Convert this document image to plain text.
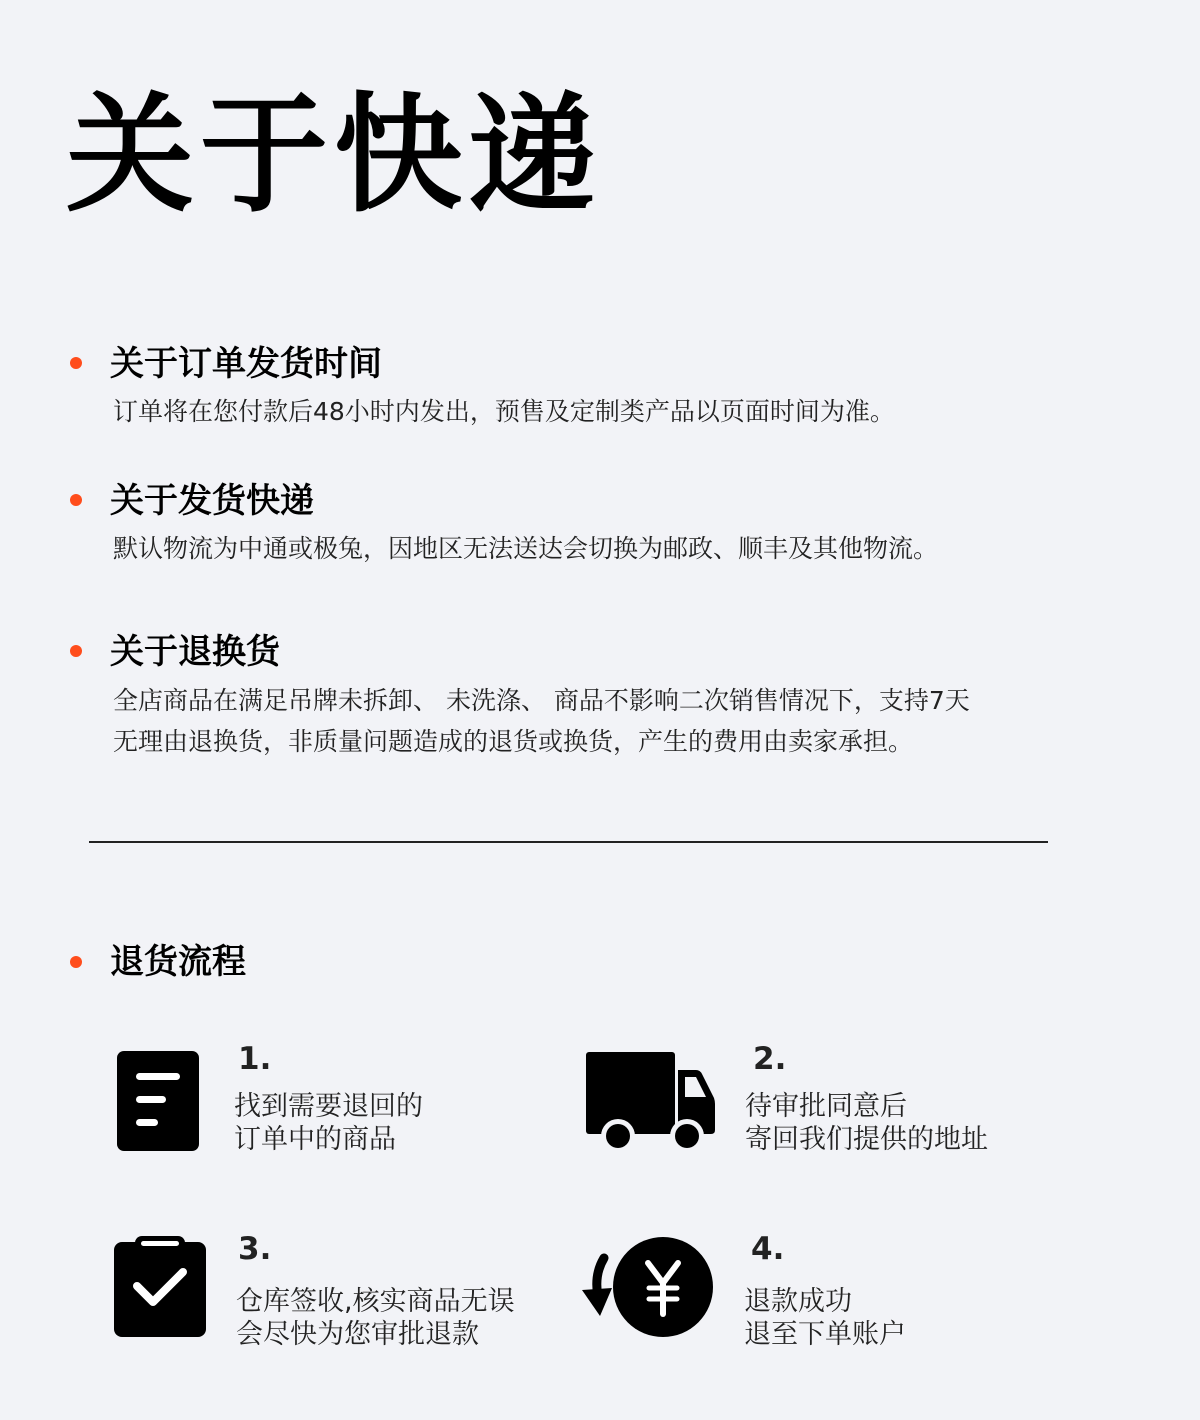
关于快递
关于订单发货时间
订单将在您付款后48小时内发出，预售及定制类产品以页面时间为准。
关于发货快递
默认物流为中通或极兔，因地区无法送达会切换为邮政、顺丰及其他物流。
关于退换货
全店商品在满足吊牌未拆卸、 未洗涤、 商品不影响二次销售情况下，支持7天
无理由退换货，非质量问题造成的退货或换货，产生的费用由卖家承担。
退货流程
1.
找到需要退回的
订单中的商品
2.
待审批同意后
寄回我们提供的地址
3.
仓库签收,核实商品无误
会尽快为您审批退款
4.
退款成功
退至下单账户
